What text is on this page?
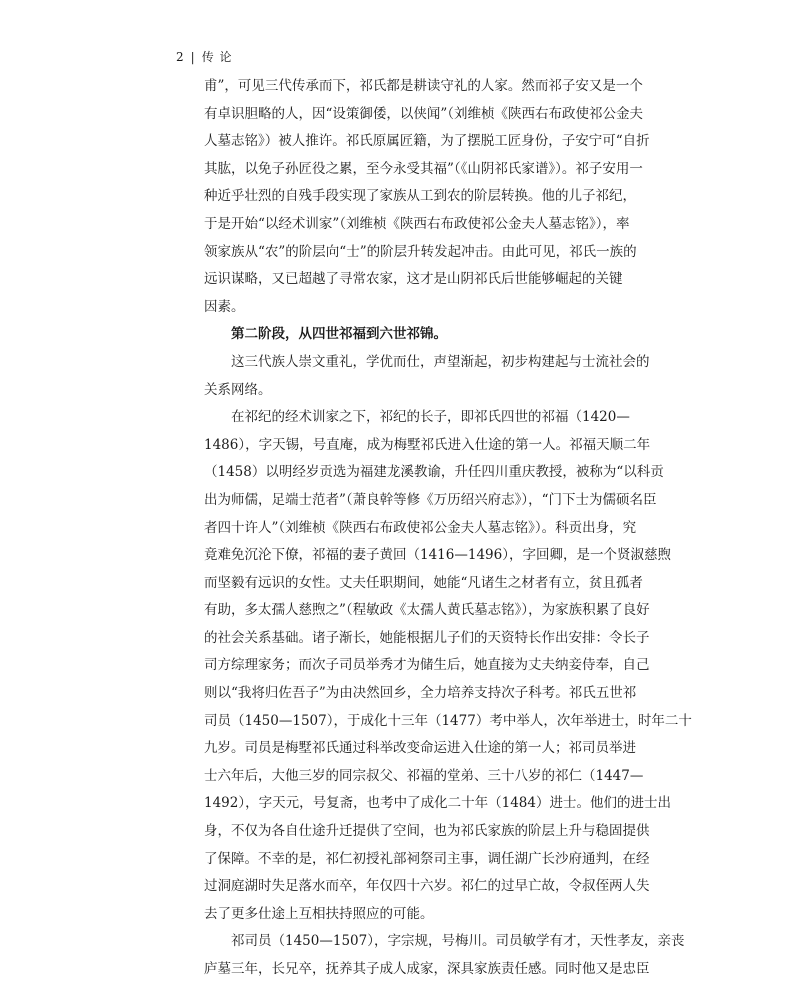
2 | 传 论
甫”，可见三代传承而下，祁氏都是耕读守礼的人家。然而祁子安又是一个
有卓识胆略的人，因“设策御倭，以侠闻”（刘维桢《陕西右布政使祁公金夫
人墓志铭》）被人推许。祁氏原属匠籍，为了摆脱工匠身份，子安宁可“自折
其肱，以免子孙匠役之累，至今永受其福”（《山阴祁氏家谱》）。祁子安用一
种近乎壮烈的自残手段实现了家族从工到农的阶层转换。他的儿子祁纪，
于是开始“以经术训家”（刘维桢《陕西右布政使祁公金夫人墓志铭》），率
领家族从“农”的阶层向“士”的阶层升转发起冲击。由此可见，祁氏一族的
远识谋略，又已超越了寻常农家，这才是山阴祁氏后世能够崛起的关键
因素。
第二阶段，从四世祁福到六世祁锦。
这三代族人崇文重礼，学优而仕，声望渐起，初步构建起与士流社会的
关系网络。
在祁纪的经术训家之下，祁纪的长子，即祁氏四世的祁福（1420—
1486），字天锡，号直庵，成为梅墅祁氏进入仕途的第一人。祁福天顺二年
（1458）以明经岁贡选为福建龙溪教谕，升任四川重庆教授，被称为“以科贡
出为师儒，足端士范者”（萧良幹等修《万历绍兴府志》），“门下士为儒硕名臣
者四十许人”（刘维桢《陕西右布政使祁公金夫人墓志铭》）。科贡出身，究
竟难免沉沦下僚，祁福的妻子黄回（1416—1496），字回卿，是一个贤淑慈煦
而坚毅有远识的女性。丈夫任职期间，她能“凡诸生之材者有立，贫且孤者
有助，多太孺人慈煦之”（程敏政《太孺人黄氏墓志铭》），为家族积累了良好
的社会关系基础。诸子渐长，她能根据儿子们的天资特长作出安排：令长子
司方综理家务；而次子司员举秀才为储生后，她直接为丈夫纳妾侍奉，自己
则以“我将归佐吾子”为由决然回乡，全力培养支持次子科考。祁氏五世祁
司员（1450—1507），于成化十三年（1477）考中举人，次年举进士，时年二十
九岁。司员是梅墅祁氏通过科举改变命运进入仕途的第一人；祁司员举进
士六年后，大他三岁的同宗叔父、祁福的堂弟、三十八岁的祁仁（1447—
1492），字天元，号复斋，也考中了成化二十年（1484）进士。他们的进士出
身，不仅为各自仕途升迁提供了空间，也为祁氏家族的阶层上升与稳固提供
了保障。不幸的是，祁仁初授礼部祠祭司主事，调任湖广长沙府通判，在经
过洞庭湖时失足落水而卒，年仅四十六岁。祁仁的过早亡故，令叔侄两人失
去了更多仕途上互相扶持照应的可能。
祁司员（1450—1507），字宗规，号梅川。司员敏学有才，天性孝友，亲丧
庐墓三年，长兄卒，抚养其子成人成家，深具家族责任感。同时他又是忠臣
